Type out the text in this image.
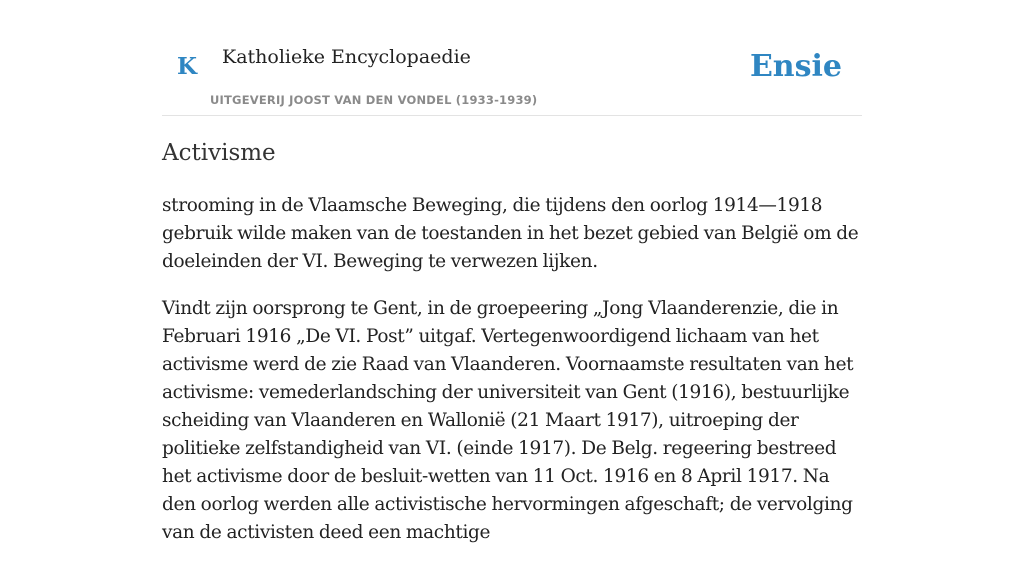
K Katholieke Encyclopaedie
UITGEVERIJ JOOST VAN DEN VONDEL (1933-1939)
Ensie
Activisme

strooming in de Vlaamsche Beweging, die tijdens den oorlog 1914—1918 gebruik wilde maken van de toestanden in het bezet gebied van België om de doeleinden der VI. Beweging te verwezen lijken.

Vindt zijn oorsprong te Gent, in de groepeering „Jong Vlaanderenzie, die in Februari 1916 „De VI. Post” uitgaf. Vertegenwoordigend lichaam van het activisme werd de zie Raad van Vlaanderen. Voornaamste resultaten van het activisme: vemederlandsching der universiteit van Gent (1916), bestuurlijke scheiding van Vlaanderen en Wallonië (21 Maart 1917), uitroeping der politieke zelfstandigheid van VI. (einde 1917). De Belg. regeering bestreed het activisme door de besluit-wetten van 11 Oct. 1916 en 8 April 1917. Na den oorlog werden alle activistische hervormingen afgeschaft; de vervolging van de activisten deed een machtige
